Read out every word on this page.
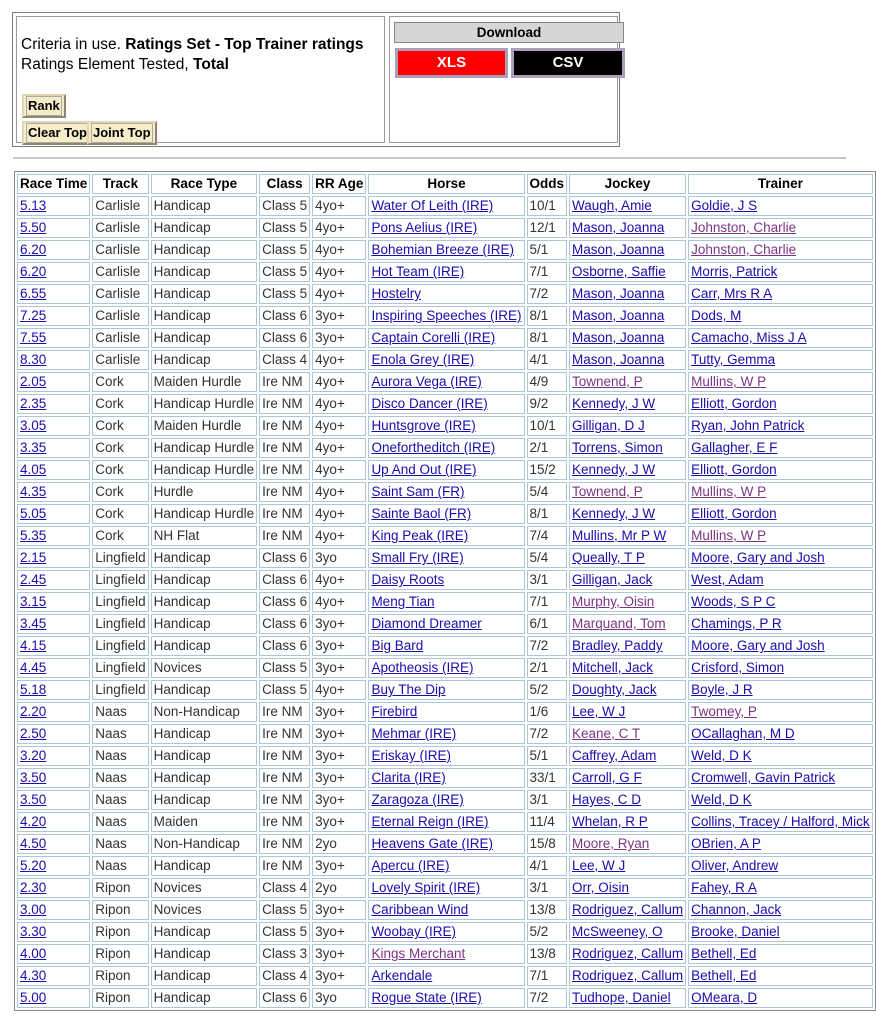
Criteria in use. Ratings Set - Top Trainer ratings
Ratings Element Tested, Total
Rank
Clear Top Joint Top
Download
XLS	CSV
Race Time	Track	Race Type	Class	RR Age	Horse	Odds	Jockey	Trainer
5.13	Carlisle	Handicap	Class 5	4yo+	Water Of Leith (IRE)	10/1	Waugh, Amie	Goldie, J S
5.50	Carlisle	Handicap	Class 5	4yo+	Pons Aelius (IRE)	12/1	Mason, Joanna	Johnston, Charlie
6.20	Carlisle	Handicap	Class 5	4yo+	Bohemian Breeze (IRE)	5/1	Mason, Joanna	Johnston, Charlie
6.20	Carlisle	Handicap	Class 5	4yo+	Hot Team (IRE)	7/1	Osborne, Saffie	Morris, Patrick
6.55	Carlisle	Handicap	Class 5	4yo+	Hostelry	7/2	Mason, Joanna	Carr, Mrs R A
7.25	Carlisle	Handicap	Class 6	3yo+	Inspiring Speeches (IRE)	8/1	Mason, Joanna	Dods, M
7.55	Carlisle	Handicap	Class 6	3yo+	Captain Corelli (IRE)	8/1	Mason, Joanna	Camacho, Miss J A
8.30	Carlisle	Handicap	Class 4	4yo+	Enola Grey (IRE)	4/1	Mason, Joanna	Tutty, Gemma
2.05	Cork	Maiden Hurdle	Ire NM	4yo+	Aurora Vega (IRE)	4/9	Townend, P	Mullins, W P
2.35	Cork	Handicap Hurdle	Ire NM	4yo+	Disco Dancer (IRE)	9/2	Kennedy, J W	Elliott, Gordon
3.05	Cork	Maiden Hurdle	Ire NM	4yo+	Huntsgrove (IRE)	10/1	Gilligan, D J	Ryan, John Patrick
3.35	Cork	Handicap Hurdle	Ire NM	4yo+	Onefortheditch (IRE)	2/1	Torrens, Simon	Gallagher, E F
4.05	Cork	Handicap Hurdle	Ire NM	4yo+	Up And Out (IRE)	15/2	Kennedy, J W	Elliott, Gordon
4.35	Cork	Hurdle	Ire NM	4yo+	Saint Sam (FR)	5/4	Townend, P	Mullins, W P
5.05	Cork	Handicap Hurdle	Ire NM	4yo+	Sainte Baol (FR)	8/1	Kennedy, J W	Elliott, Gordon
5.35	Cork	NH Flat	Ire NM	4yo+	King Peak (IRE)	7/4	Mullins, Mr P W	Mullins, W P
2.15	Lingfield	Handicap	Class 6	3yo	Small Fry (IRE)	5/4	Queally, T P	Moore, Gary and Josh
2.45	Lingfield	Handicap	Class 6	4yo+	Daisy Roots	3/1	Gilligan, Jack	West, Adam
3.15	Lingfield	Handicap	Class 6	4yo+	Meng Tian	7/1	Murphy, Oisin	Woods, S P C
3.45	Lingfield	Handicap	Class 6	3yo+	Diamond Dreamer	6/1	Marquand, Tom	Chamings, P R
4.15	Lingfield	Handicap	Class 6	3yo+	Big Bard	7/2	Bradley, Paddy	Moore, Gary and Josh
4.45	Lingfield	Novices	Class 5	3yo+	Apotheosis (IRE)	2/1	Mitchell, Jack	Crisford, Simon
5.18	Lingfield	Handicap	Class 5	4yo+	Buy The Dip	5/2	Doughty, Jack	Boyle, J R
2.20	Naas	Non-Handicap	Ire NM	3yo+	Firebird	1/6	Lee, W J	Twomey, P
2.50	Naas	Handicap	Ire NM	3yo+	Mehmar (IRE)	7/2	Keane, C T	OCallaghan, M D
3.20	Naas	Handicap	Ire NM	3yo+	Eriskay (IRE)	5/1	Caffrey, Adam	Weld, D K
3.50	Naas	Handicap	Ire NM	3yo+	Clarita (IRE)	33/1	Carroll, G F	Cromwell, Gavin Patrick
3.50	Naas	Handicap	Ire NM	3yo+	Zaragoza (IRE)	3/1	Hayes, C D	Weld, D K
4.20	Naas	Maiden	Ire NM	3yo+	Eternal Reign (IRE)	11/4	Whelan, R P	Collins, Tracey / Halford, Mick
4.50	Naas	Non-Handicap	Ire NM	2yo	Heavens Gate (IRE)	15/8	Moore, Ryan	OBrien, A P
5.20	Naas	Handicap	Ire NM	3yo+	Apercu (IRE)	4/1	Lee, W J	Oliver, Andrew
2.30	Ripon	Novices	Class 4	2yo	Lovely Spirit (IRE)	3/1	Orr, Oisin	Fahey, R A
3.00	Ripon	Novices	Class 5	3yo+	Caribbean Wind	13/8	Rodriguez, Callum	Channon, Jack
3.30	Ripon	Handicap	Class 5	3yo+	Woobay (IRE)	5/2	McSweeney, O	Brooke, Daniel
4.00	Ripon	Handicap	Class 3	3yo+	Kings Merchant	13/8	Rodriguez, Callum	Bethell, Ed
4.30	Ripon	Handicap	Class 4	3yo+	Arkendale	7/1	Rodriguez, Callum	Bethell, Ed
5.00	Ripon	Handicap	Class 6	3yo	Rogue State (IRE)	7/2	Tudhope, Daniel	OMeara, D
